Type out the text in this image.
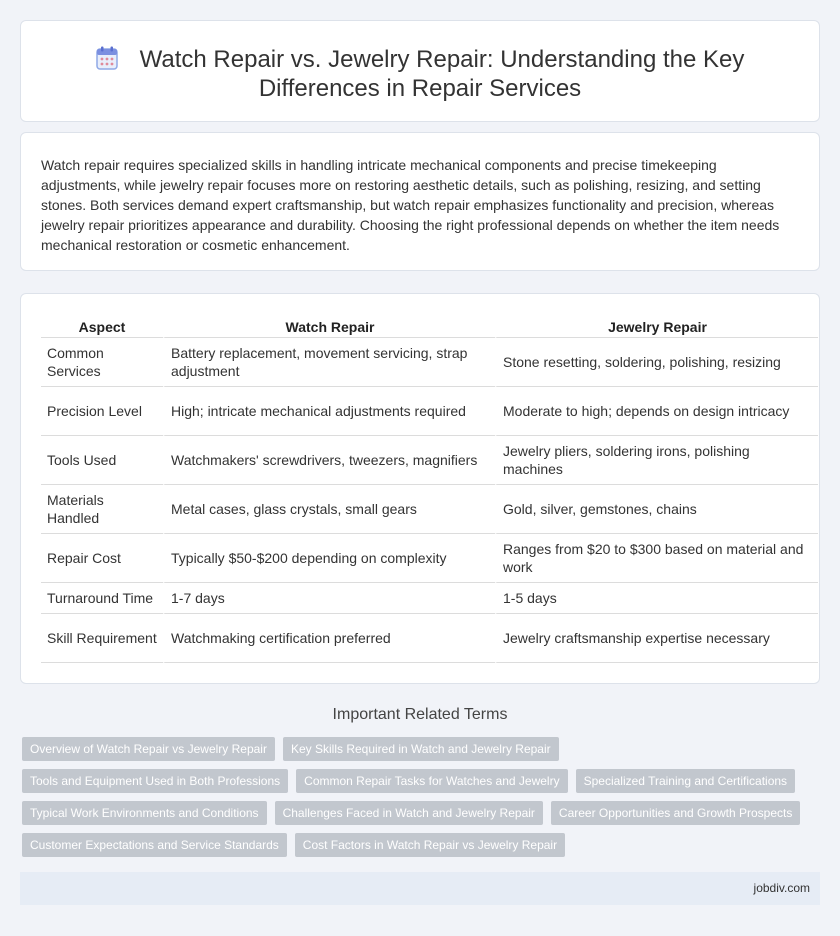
Watch Repair vs. Jewelry Repair: Understanding the Key Differences in Repair Services

Watch repair requires specialized skills in handling intricate mechanical components and precise timekeeping adjustments, while jewelry repair focuses more on restoring aesthetic details, such as polishing, resizing, and setting stones. Both services demand expert craftsmanship, but watch repair emphasizes functionality and precision, whereas jewelry repair prioritizes appearance and durability. Choosing the right professional depends on whether the item needs mechanical restoration or cosmetic enhancement.

Aspect	Watch Repair	Jewelry Repair
Common Services	Battery replacement, movement servicing, strap adjustment	Stone resetting, soldering, polishing, resizing
Precision Level	High; intricate mechanical adjustments required	Moderate to high; depends on design intricacy
Tools Used	Watchmakers' screwdrivers, tweezers, magnifiers	Jewelry pliers, soldering irons, polishing machines
Materials Handled	Metal cases, glass crystals, small gears	Gold, silver, gemstones, chains
Repair Cost	Typically $50-$200 depending on complexity	Ranges from $20 to $300 based on material and work
Turnaround Time	1-7 days	1-5 days
Skill Requirement	Watchmaking certification preferred	Jewelry craftsmanship expertise necessary
Important Related Terms
Overview of Watch Repair vs Jewelry Repair	Key Skills Required in Watch and Jewelry Repair
Tools and Equipment Used in Both Professions	Common Repair Tasks for Watches and Jewelry	Specialized Training and Certifications
Typical Work Environments and Conditions	Challenges Faced in Watch and Jewelry Repair	Career Opportunities and Growth Prospects
Customer Expectations and Service Standards	Cost Factors in Watch Repair vs Jewelry Repair
jobdiv.com
